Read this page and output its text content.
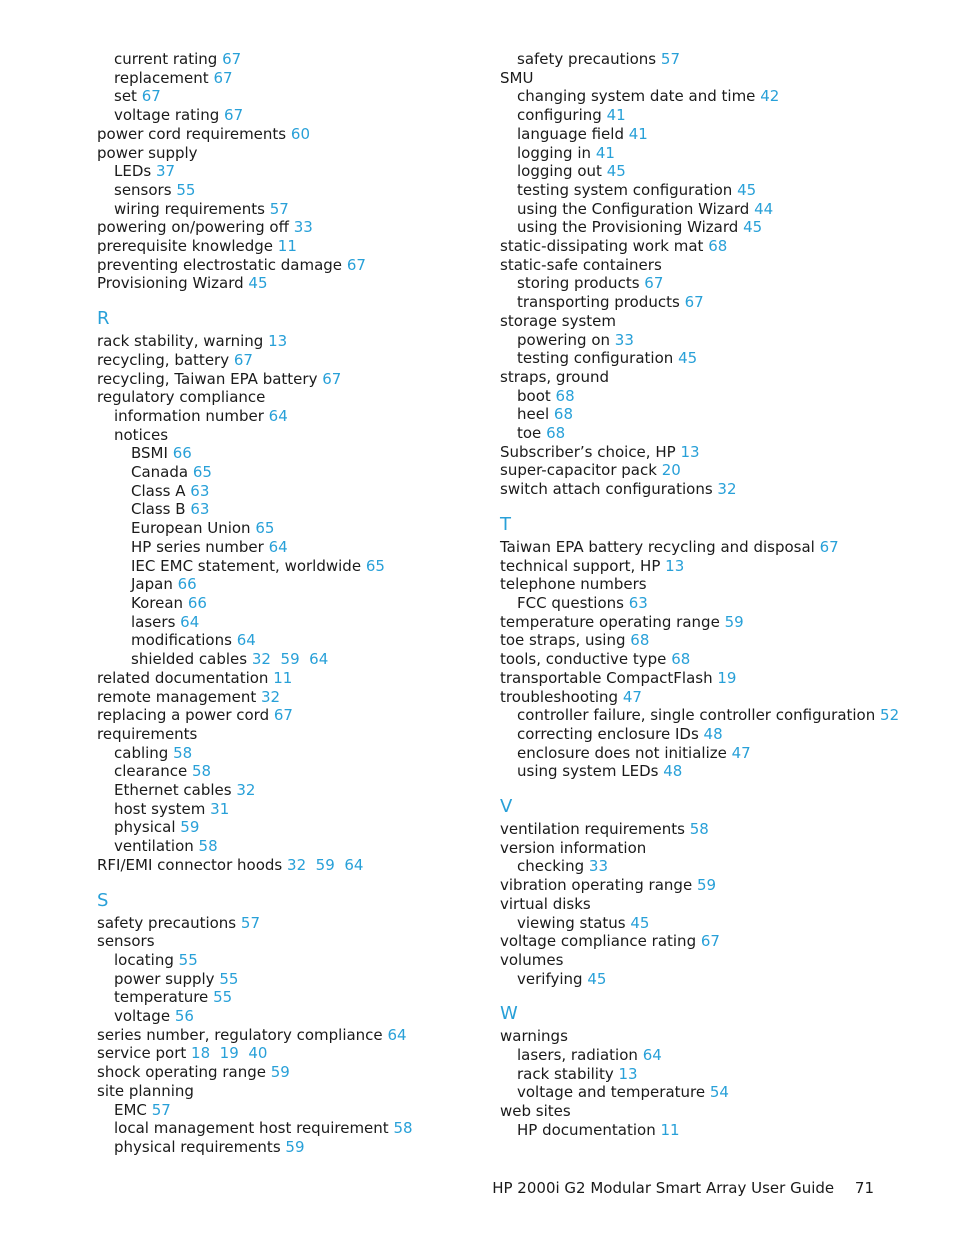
current rating 67
replacement 67
set 67
voltage rating 67
power cord requirements 60
power supply
LEDs 37
sensors 55
wiring requirements 57
powering on/powering off 33
prerequisite knowledge 11
preventing electrostatic damage 67
Provisioning Wizard 45
R
rack stability, warning 13
recycling, battery 67
recycling, Taiwan EPA battery 67
regulatory compliance
information number 64
notices
BSMI 66
Canada 65
Class A 63
Class B 63
European Union 65
HP series number 64
IEC EMC statement, worldwide 65
Japan 66
Korean 66
lasers 64
modifications 64
shielded cables 32 59 64
related documentation 11
remote management 32
replacing a power cord 67
requirements
cabling 58
clearance 58
Ethernet cables 32
host system 31
physical 59
ventilation 58
RFI/EMI connector hoods 32 59 64
S
safety precautions 57
sensors
locating 55
power supply 55
temperature 55
voltage 56
series number, regulatory compliance 64
service port 18 19 40
shock operating range 59
site planning
EMC 57
local management host requirement 58
physical requirements 59
safety precautions 57
SMU
changing system date and time 42
configuring 41
language field 41
logging in 41
logging out 45
testing system configuration 45
using the Configuration Wizard 44
using the Provisioning Wizard 45
static-dissipating work mat 68
static-safe containers
storing products 67
transporting products 67
storage system
powering on 33
testing configuration 45
straps, ground
boot 68
heel 68
toe 68
Subscriber’s choice, HP 13
super-capacitor pack 20
switch attach configurations 32
T
Taiwan EPA battery recycling and disposal 67
technical support, HP 13
telephone numbers
FCC questions 63
temperature operating range 59
toe straps, using 68
tools, conductive type 68
transportable CompactFlash 19
troubleshooting 47
controller failure, single controller configuration 52
correcting enclosure IDs 48
enclosure does not initialize 47
using system LEDs 48
V
ventilation requirements 58
version information
checking 33
vibration operating range 59
virtual disks
viewing status 45
voltage compliance rating 67
volumes
verifying 45
W
warnings
lasers, radiation 64
rack stability 13
voltage and temperature 54
web sites
HP documentation 11
HP 2000i G2 Modular Smart Array User Guide 71
